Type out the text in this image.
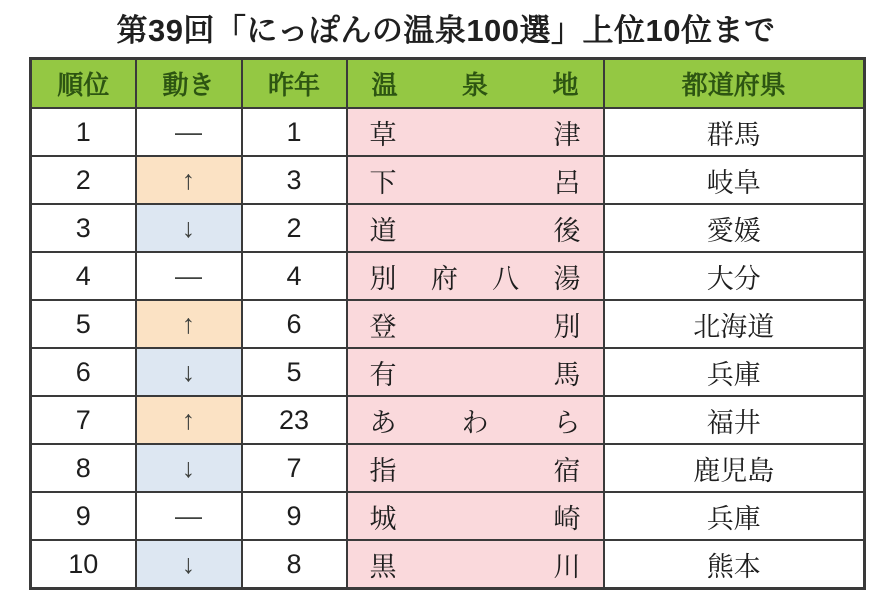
第39回「にっぽんの温泉100選」上位10位まで
順位	動き	昨年	温 泉 地	都道府県
1	—	1	草 津	群馬
2	↑	3	下 呂	岐阜
3	↓	2	道 後	愛媛
4	—	4	別 府 八 湯	大分
5	↑	6	登 別	北海道
6	↓	5	有 馬	兵庫
7	↑	23	あ わ ら	福井
8	↓	7	指 宿	鹿児島
9	—	9	城 崎	兵庫
10	↓	8	黒 川	熊本
